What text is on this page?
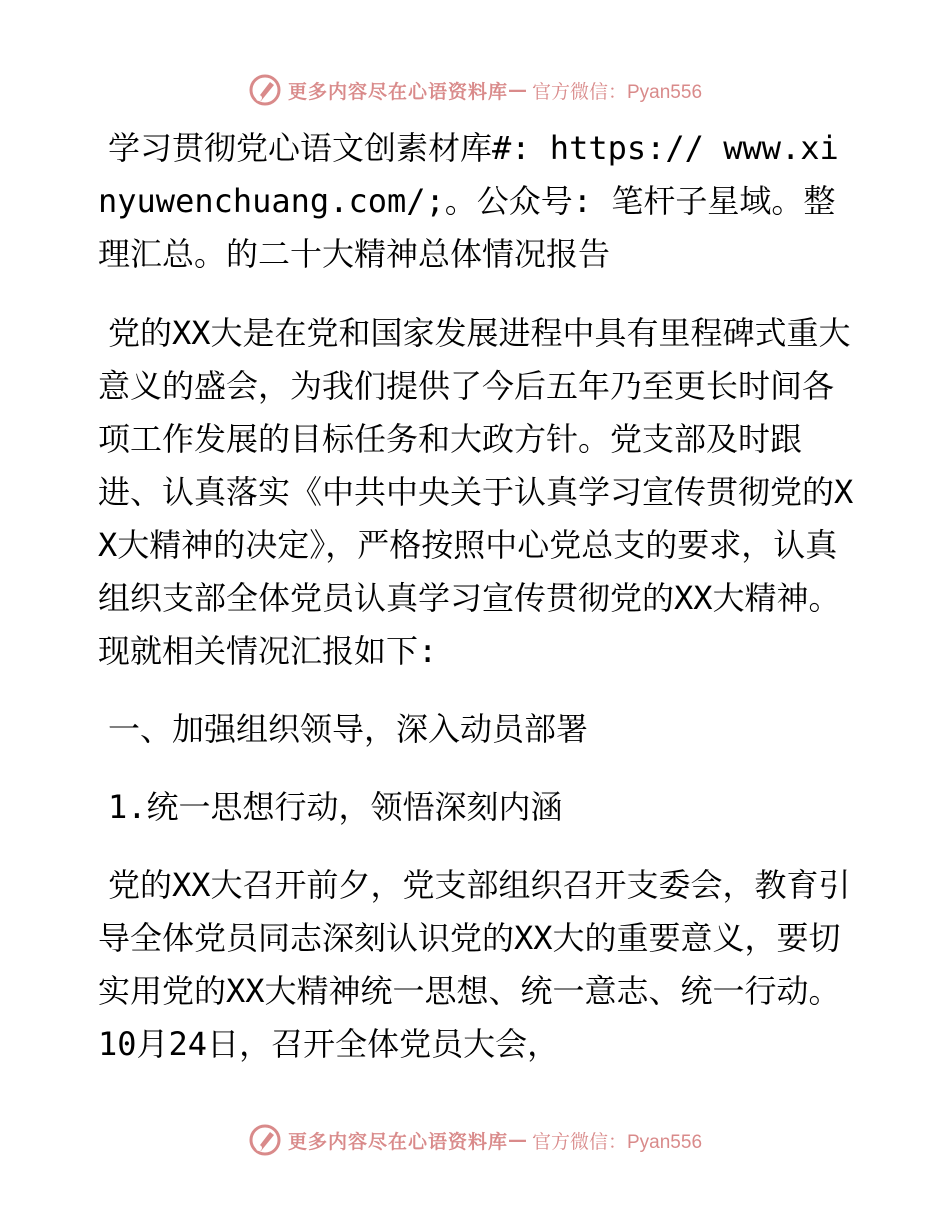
更多内容尽在心语资料库 — 官方微信：Pyan556

学习贯彻党心语文创素材库#: https:// www.xinyuwenchuang.com/;。公众号: 笔杆子星域。整理汇总。的二十大精神总体情况报告

党的XX大是在党和国家发展进程中具有里程碑式重大意义的盛会，为我们提供了今后五年乃至更长时间各项工作发展的目标任务和大政方针。党支部及时跟进、认真落实《中共中央关于认真学习宣传贯彻党的XX大精神的决定》，严格按照中心党总支的要求，认真组织支部全体党员认真学习宣传贯彻党的XX大精神。现就相关情况汇报如下:

一、加强组织领导，深入动员部署

1.统一思想行动，领悟深刻内涵

党的XX大召开前夕，党支部组织召开支委会，教育引导全体党员同志深刻认识党的XX大的重要意义，要切实用党的XX大精神统一思想、统一意志、统一行动。10月24日，召开全体党员大会，

更多内容尽在心语资料库 — 官方微信：Pyan556
